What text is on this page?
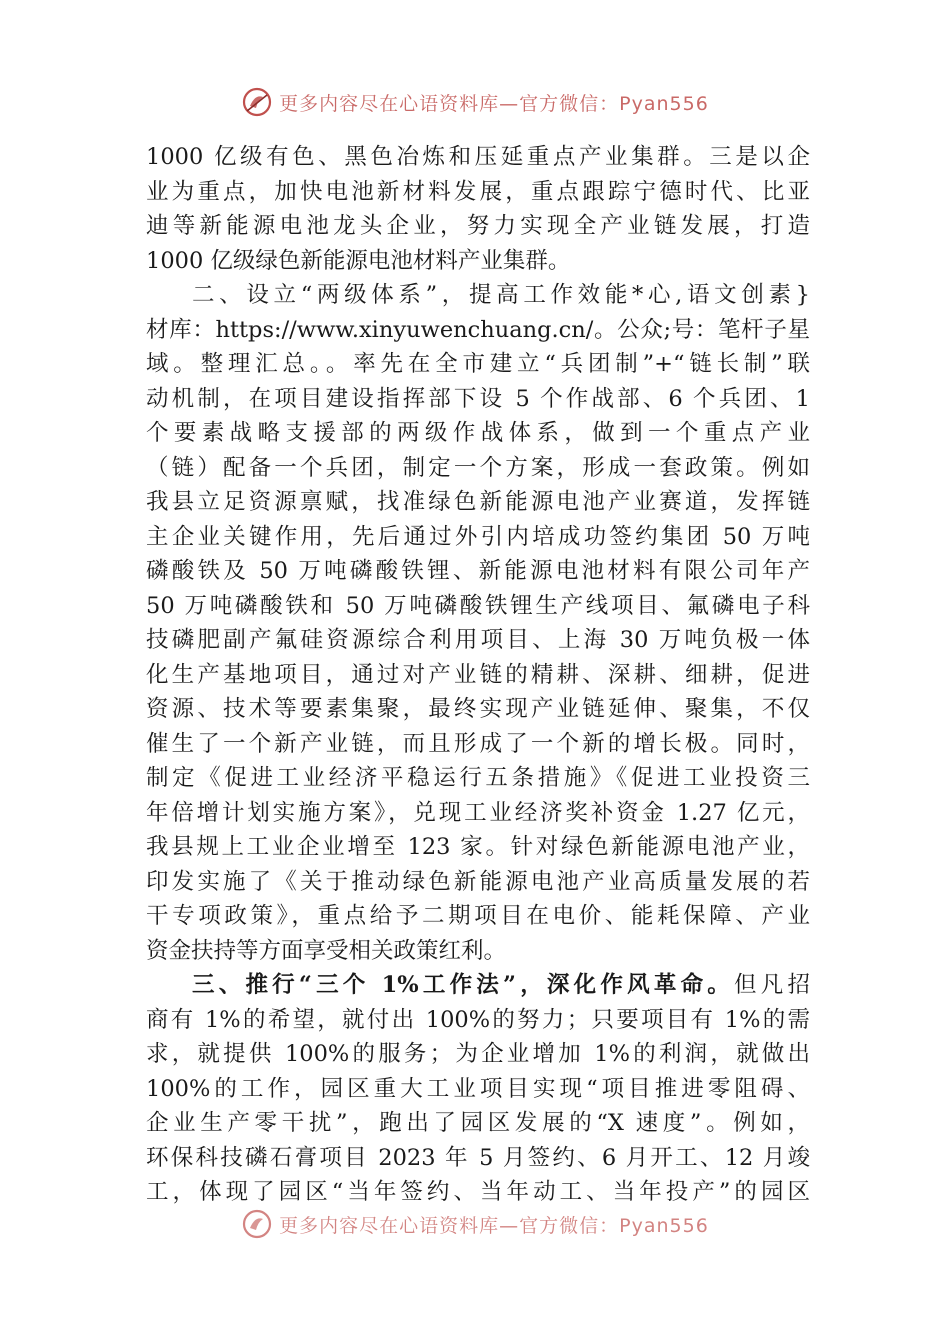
更多内容尽在心语资料库—官方微信：Pyan556
1000 亿级有色、黑色冶炼和压延重点产业集群。三是以企
业为重点，加快电池新材料发展，重点跟踪宁德时代、比亚
迪等新能源电池龙头企业，努力实现全产业链发展，打造
1000 亿级绿色新能源电池材料产业集群。
二、设立“两级体系”，提高工作效能*心,语文创素}
材库：https://www.xinyuwenchuang.cn/。公众;号：笔杆子星
域。整理汇总。。率先在全市建立“兵团制”+“链长制”联
动机制，在项目建设指挥部下设 5 个作战部、6 个兵团、1
个要素战略支援部的两级作战体系，做到一个重点产业
（链）配备一个兵团，制定一个方案，形成一套政策。例如
我县立足资源禀赋，找准绿色新能源电池产业赛道，发挥链
主企业关键作用，先后通过外引内培成功签约集团 50 万吨
磷酸铁及 50 万吨磷酸铁锂、新能源电池材料有限公司年产
50 万吨磷酸铁和 50 万吨磷酸铁锂生产线项目、氟磷电子科
技磷肥副产氟硅资源综合利用项目、上海 30 万吨负极一体
化生产基地项目，通过对产业链的精耕、深耕、细耕，促进
资源、技术等要素集聚，最终实现产业链延伸、聚集，不仅
催生了一个新产业链，而且形成了一个新的增长极。同时，
制定《促进工业经济平稳运行五条措施》《促进工业投资三
年倍增计划实施方案》，兑现工业经济奖补资金 1.27 亿元，
我县规上工业企业增至 123 家。针对绿色新能源电池产业，
印发实施了《关于推动绿色新能源电池产业高质量发展的若
干专项政策》，重点给予二期项目在电价、能耗保障、产业
资金扶持等方面享受相关政策红利。
三、推行“三个 1%工作法”，深化作风革命。但凡招
商有 1%的希望，就付出 100%的努力；只要项目有 1%的需
求，就提供 100%的服务；为企业增加 1%的利润，就做出
100%的工作，园区重大工业项目实现“项目推进零阻碍、
企业生产零干扰”，跑出了园区发展的“X 速度”。例如，
环保科技磷石膏项目 2023 年 5 月签约、6 月开工、12 月竣
工，体现了园区“当年签约、当年动工、当年投产”的园区
更多内容尽在心语资料库—官方微信：Pyan556
